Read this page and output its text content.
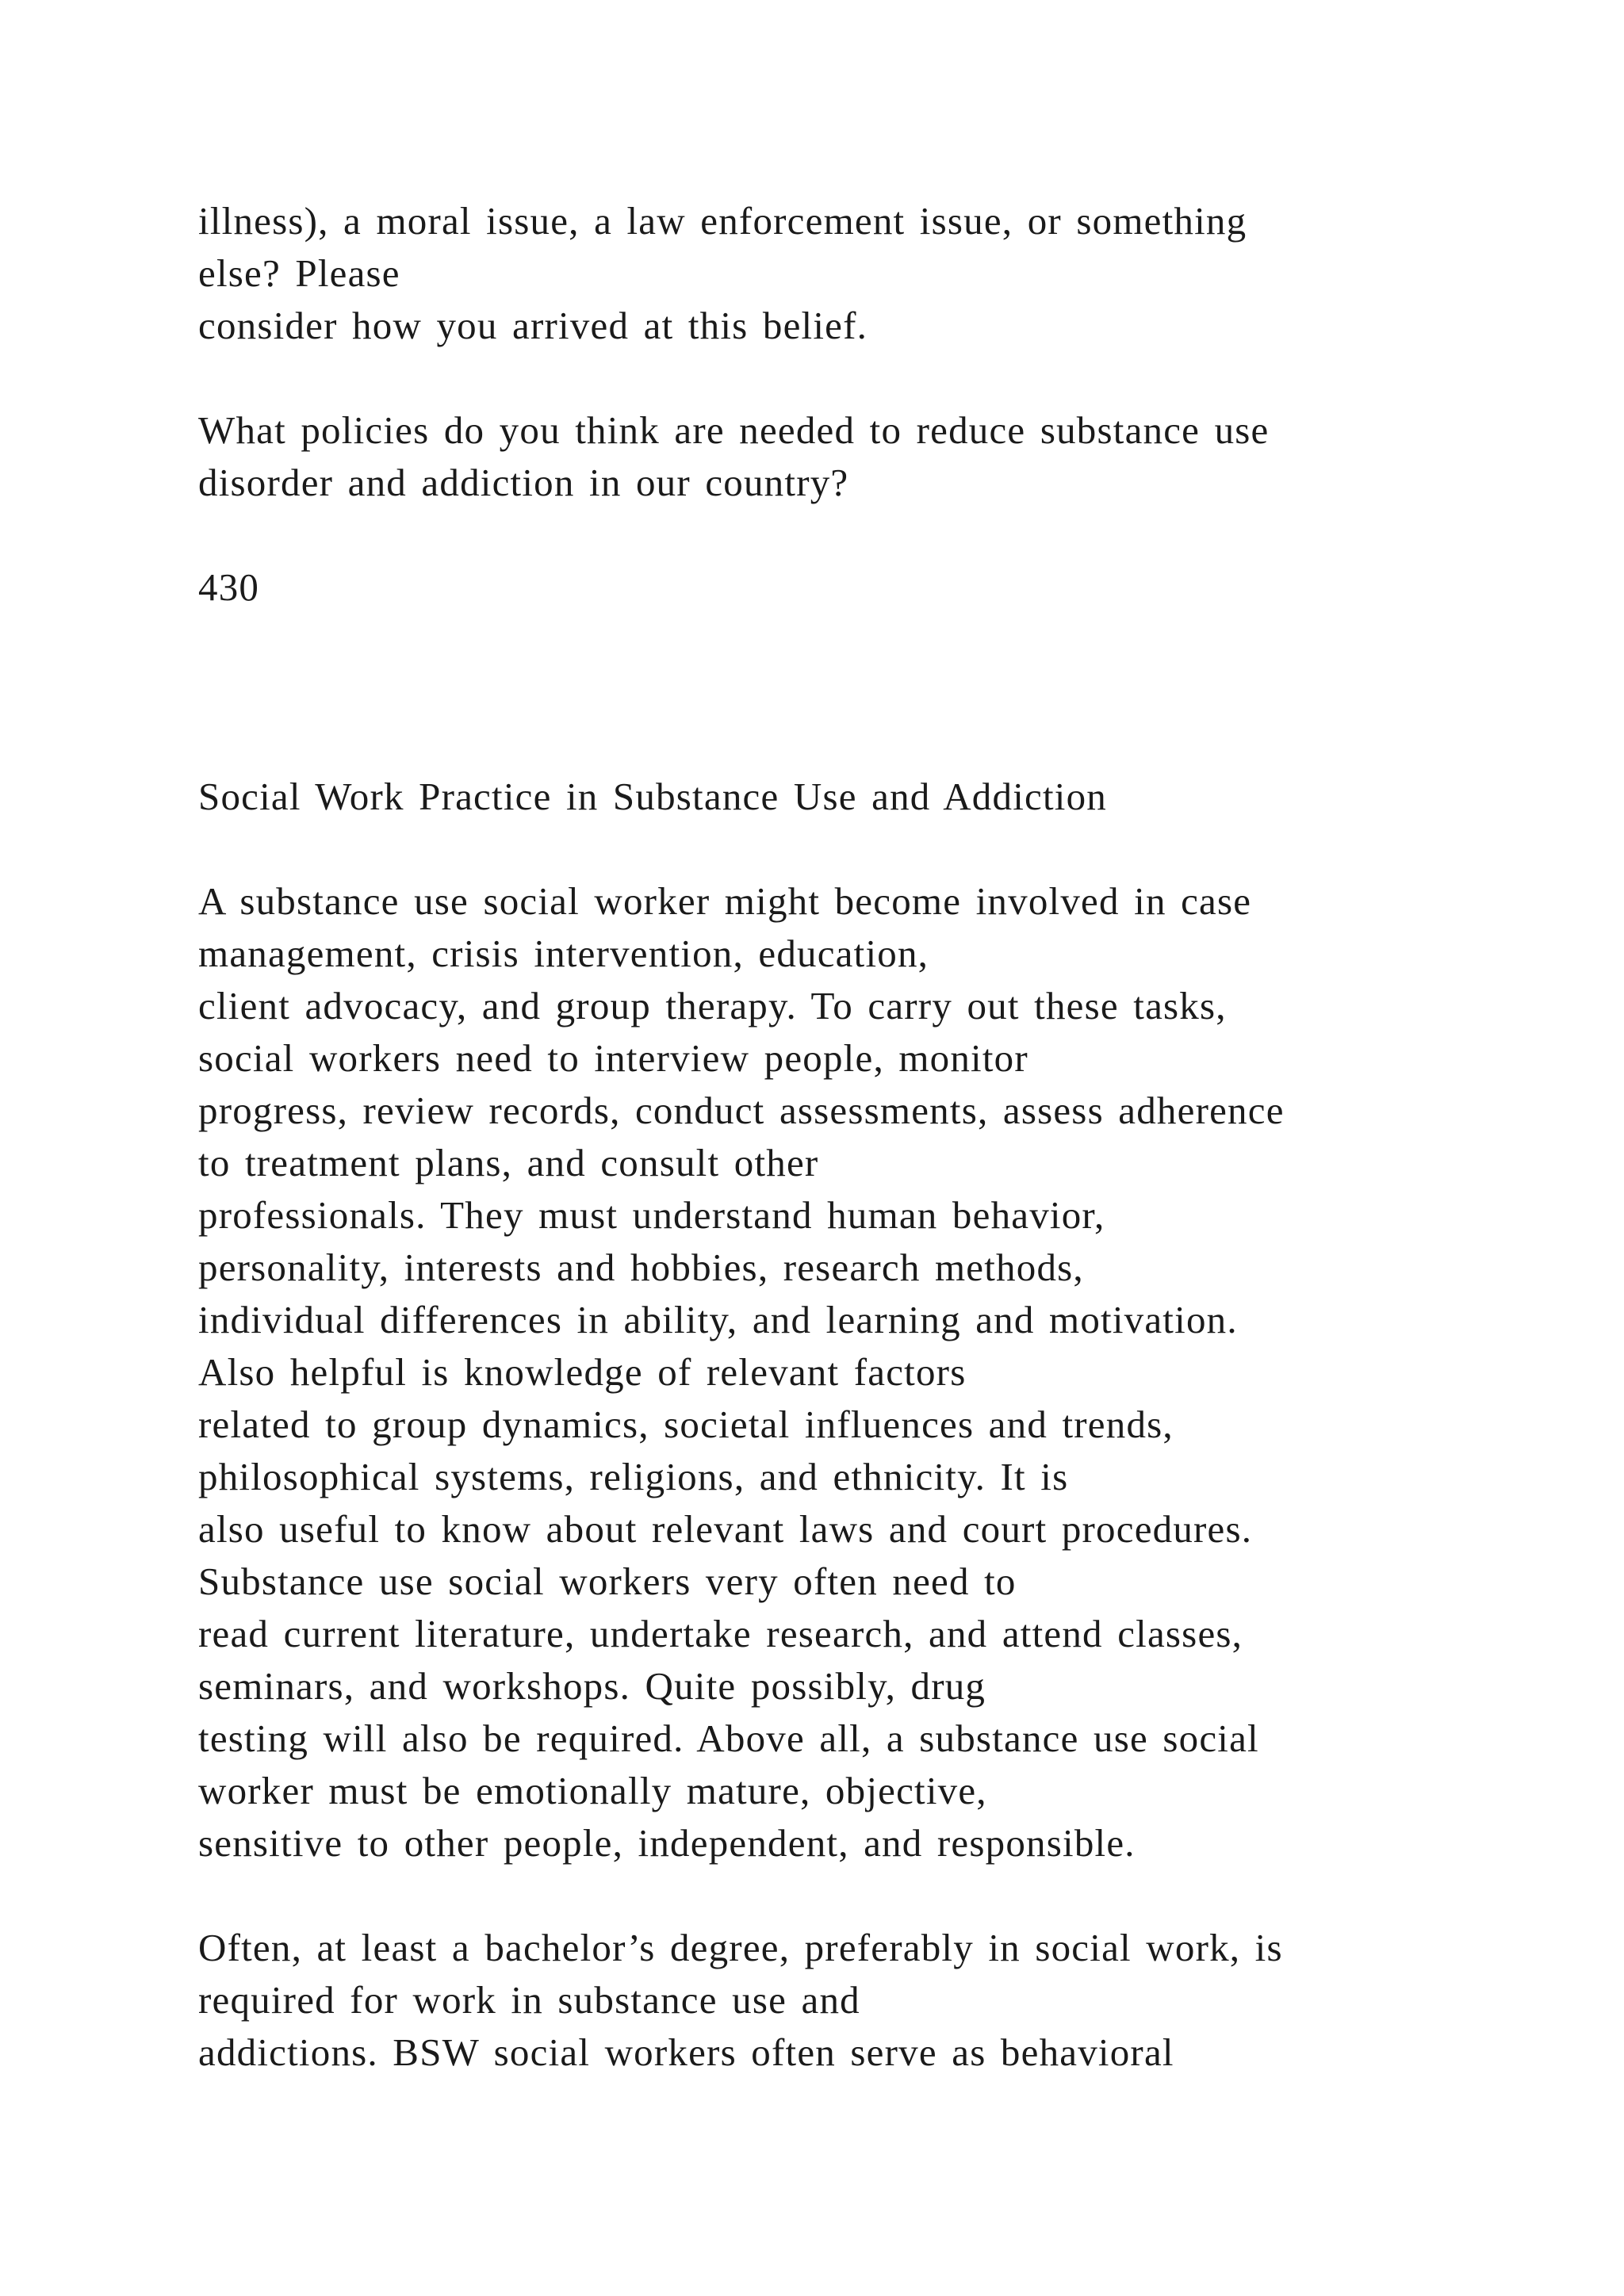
illness), a moral issue, a law enforcement issue, or something
else? Please
consider how you arrived at this belief.
What policies do you think are needed to reduce substance use
disorder and addiction in our country?
430
Social Work Practice in Substance Use and Addiction
A substance use social worker might become involved in case
management, crisis intervention, education,
client advocacy, and group therapy. To carry out these tasks,
social workers need to interview people, monitor
progress, review records, conduct assessments, assess adherence
to treatment plans, and consult other
professionals. They must understand human behavior,
personality, interests and hobbies, research methods,
individual differences in ability, and learning and motivation.
Also helpful is knowledge of relevant factors
related to group dynamics, societal influences and trends,
philosophical systems, religions, and ethnicity. It is
also useful to know about relevant laws and court procedures.
Substance use social workers very often need to
read current literature, undertake research, and attend classes,
seminars, and workshops. Quite possibly, drug
testing will also be required. Above all, a substance use social
worker must be emotionally mature, objective,
sensitive to other people, independent, and responsible.
Often, at least a bachelor’s degree, preferably in social work, is
required for work in substance use and
addictions. BSW social workers often serve as behavioral
